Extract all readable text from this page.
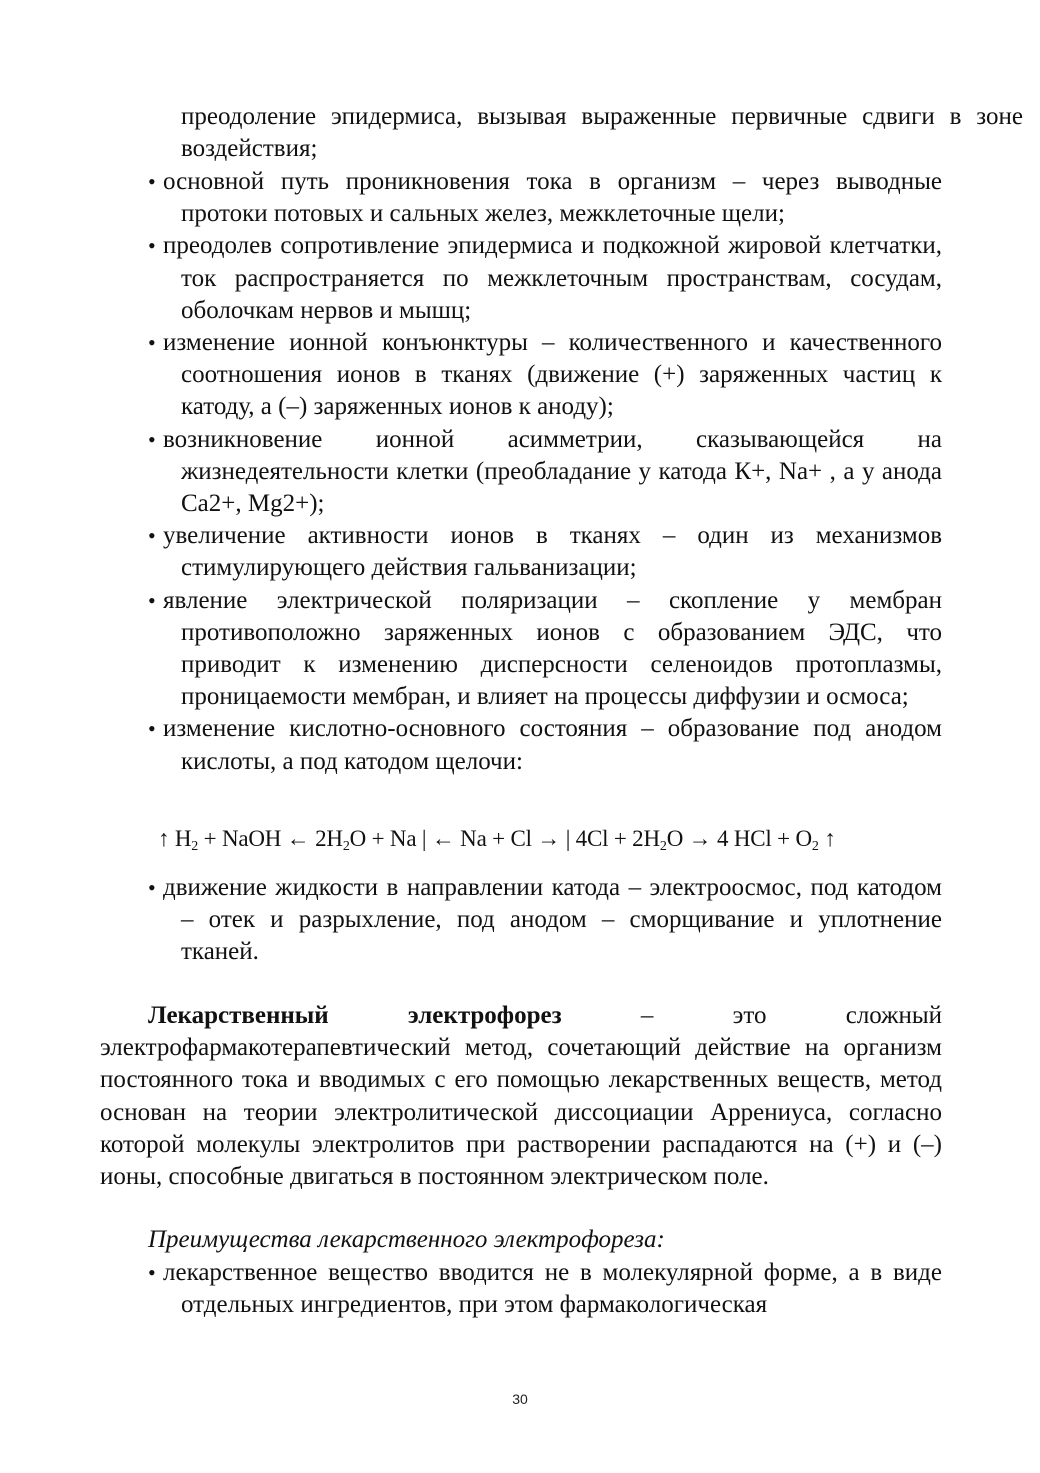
преодоление эпидермиса, вызывая выраженные первичные сдвиги в зоне воздействия;
• основной путь проникновения тока в организм – через выводные протоки потовых и сальных желез, межклеточные щели;
• преодолев сопротивление эпидермиса и подкожной жировой клетчатки, ток распространяется по межклеточным пространствам, сосудам, оболочкам нервов и мышц;
• изменение ионной конъюнктуры – количественного и качественного соотношения ионов в тканях (движение (+) заряженных частиц к катоду, а (–) заряженных ионов к аноду);
• возникновение ионной асимметрии, сказывающейся на жизнедеятельности клетки (преобладание у катода К+, Na+ , а у анода Са2+, Mg2+);
• увеличение активности ионов в тканях – один из механизмов стимулирующего действия гальванизации;
• явление электрической поляризации – скопление у мембран противоположно заряженных ионов с образованием ЭДС, что приводит к изменению дисперсности селеноидов протоплазмы, проницаемости мембран, и влияет на процессы диффузии и осмоса;
• изменение кислотно-основного состояния – образование под анодом кислоты, а под катодом щелочи:
↑ $H_2$ + NaOH ← $2H_2O + Na$ | ← Na + Cl → | $4Cl + 2H_2O \to 4$ HCl + $O_2$ ↑
• движение жидкости в направлении катода – электроосмос, под катодом – отек и разрыхление, под анодом – сморщивание и уплотнение тканей.
Лекарственный электрофорез – это сложный электрофармакотерапевтический метод, сочетающий действие на организм постоянного тока и вводимых с его помощью лекарственных веществ, метод основан на теории электролитической диссоциации Аррениуса, согласно которой молекулы электролитов при растворении распадаются на (+) и (–) ионы, способные двигаться в постоянном электрическом поле.
Преимущества лекарственного электрофореза:
• лекарственное вещество вводится не в молекулярной форме, а в виде отдельных ингредиентов, при этом фармакологическая
30
